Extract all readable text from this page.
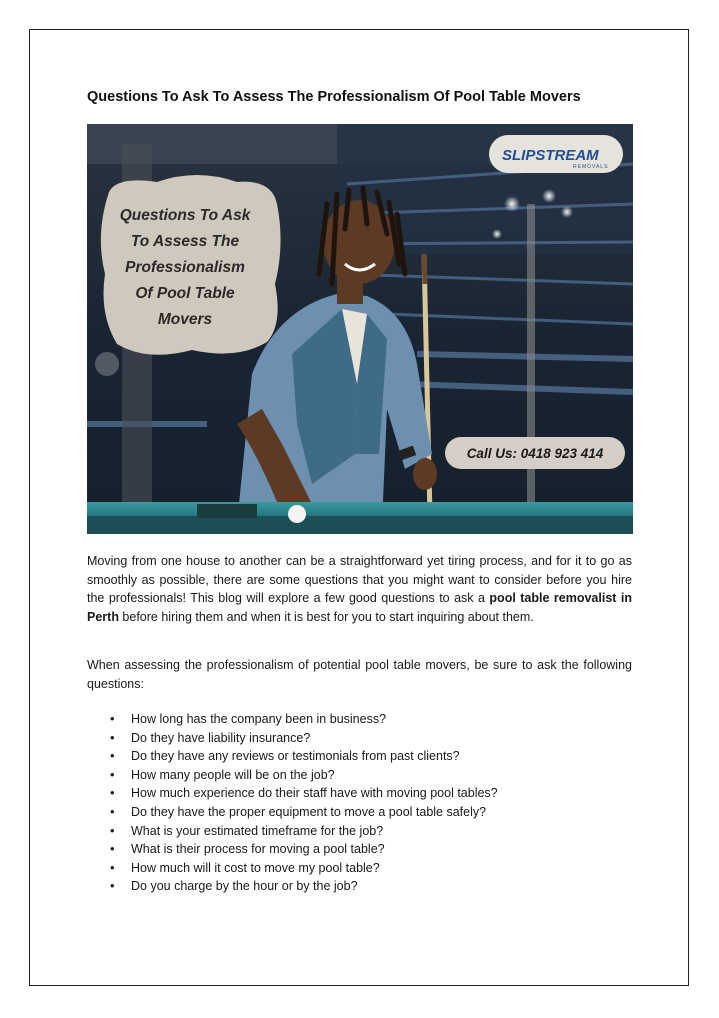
Questions To Ask To Assess The Professionalism Of Pool Table Movers
SLIPSTREAM
REMOVALS
Questions To Ask
To Assess The
Professionalism
Of Pool Table
Movers
Call Us: 0418 923 414

Moving from one house to another can be a straightforward yet tiring process, and for it to go as smoothly as possible, there are some questions that you might want to consider before you hire the professionals! This blog will explore a few good questions to ask a pool table removalist in Perth before hiring them and when it is best for you to start inquiring about them.

When assessing the professionalism of potential pool table movers, be sure to ask the following questions:

• How long has the company been in business?
• Do they have liability insurance?
• Do they have any reviews or testimonials from past clients?
• How many people will be on the job?
• How much experience do their staff have with moving pool tables?
• Do they have the proper equipment to move a pool table safely?
• What is your estimated timeframe for the job?
• What is their process for moving a pool table?
• How much will it cost to move my pool table?
• Do you charge by the hour or by the job?
